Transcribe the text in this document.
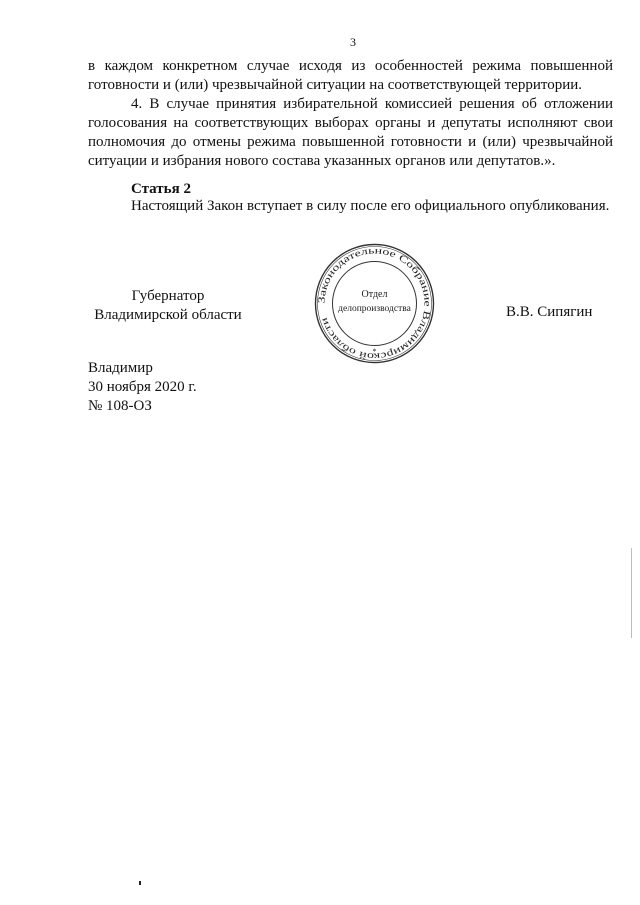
3

в каждом конкретном случае исходя из особенностей режима повышенной готовности и (или) чрезвычайной ситуации на соответствующей территории.

4. В случае принятия избирательной комиссией решения об отложении голосования на соответствующих выборах органы и депутаты исполняют свои полномочия до отмены режима повышенной готовности и (или) чрезвычайной ситуации и избрания нового состава указанных органов или депутатов.».

Статья 2

Настоящий Закон вступает в силу после его официального опубликования.

Губернатор
Владимирской области
Законодательное Собрание Владимирской области
Отдел
делопроизводства
*
В.В. Сипягин
Владимир
30 ноября 2020 г.
№ 108-ОЗ
